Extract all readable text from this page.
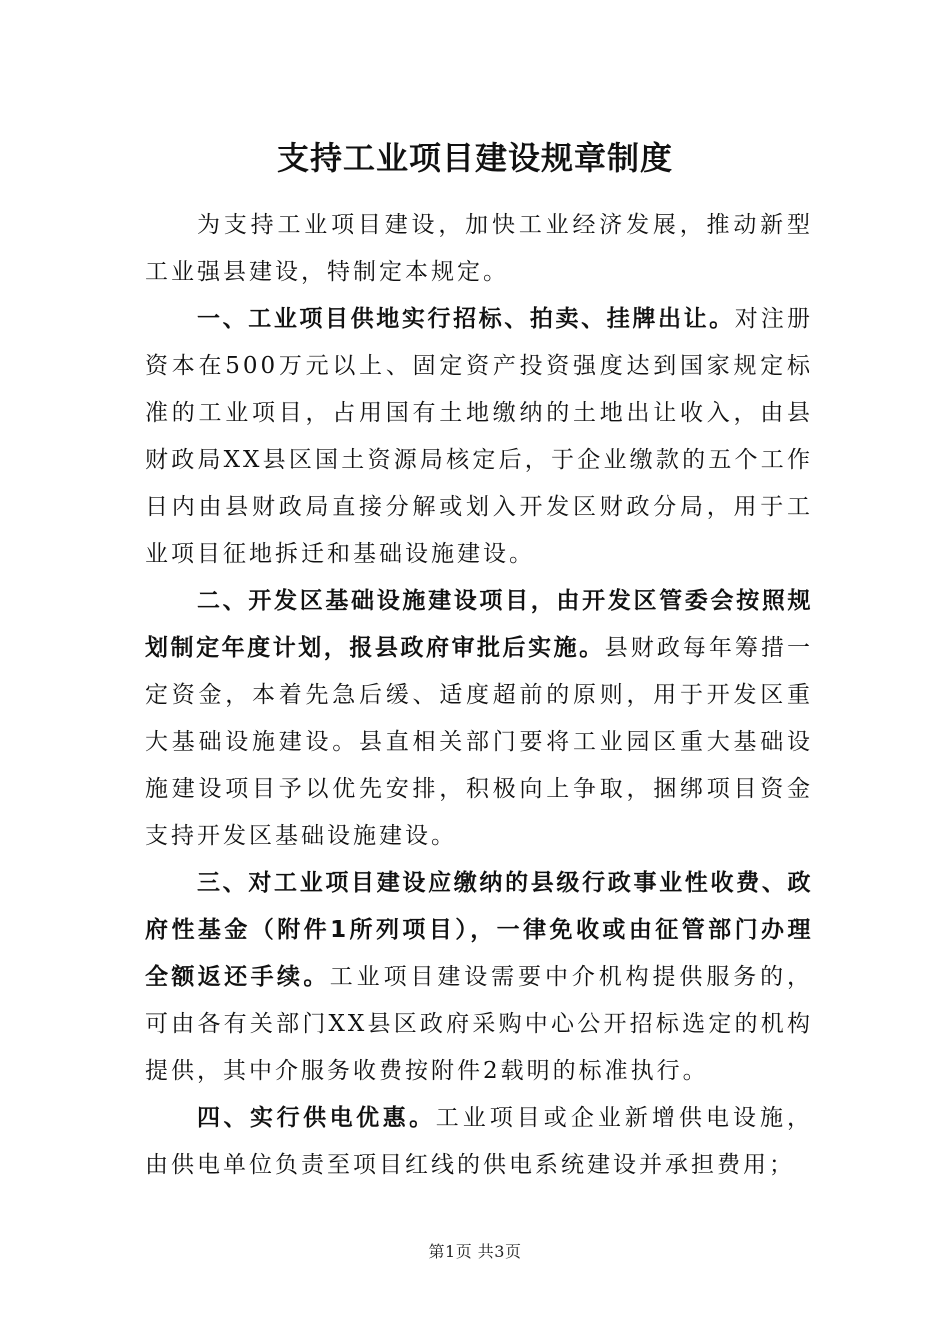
支持工业项目建设规章制度

为支持工业项目建设，加快工业经济发展，推动新型工业强县建设，特制定本规定。

一、工业项目供地实行招标、拍卖、挂牌出让。对注册资本在500万元以上、固定资产投资强度达到国家规定标准的工业项目，占用国有土地缴纳的土地出让收入，由县财政局XX县区国土资源局核定后，于企业缴款的五个工作日内由县财政局直接分解或划入开发区财政分局，用于工业项目征地拆迁和基础设施建设。

二、开发区基础设施建设项目，由开发区管委会按照规划制定年度计划，报县政府审批后实施。县财政每年筹措一定资金，本着先急后缓、适度超前的原则，用于开发区重大基础设施建设。县直相关部门要将工业园区重大基础设施建设项目予以优先安排，积极向上争取，捆绑项目资金支持开发区基础设施建设。

三、对工业项目建设应缴纳的县级行政事业性收费、政府性基金（附件1所列项目），一律免收或由征管部门办理全额返还手续。工业项目建设需要中介机构提供服务的，可由各有关部门XX县区政府采购中心公开招标选定的机构提供，其中介服务收费按附件2载明的标准执行。

四、实行供电优惠。工业项目或企业新增供电设施，由供电单位负责至项目红线的供电系统建设并承担费用；

第1页 共3页
